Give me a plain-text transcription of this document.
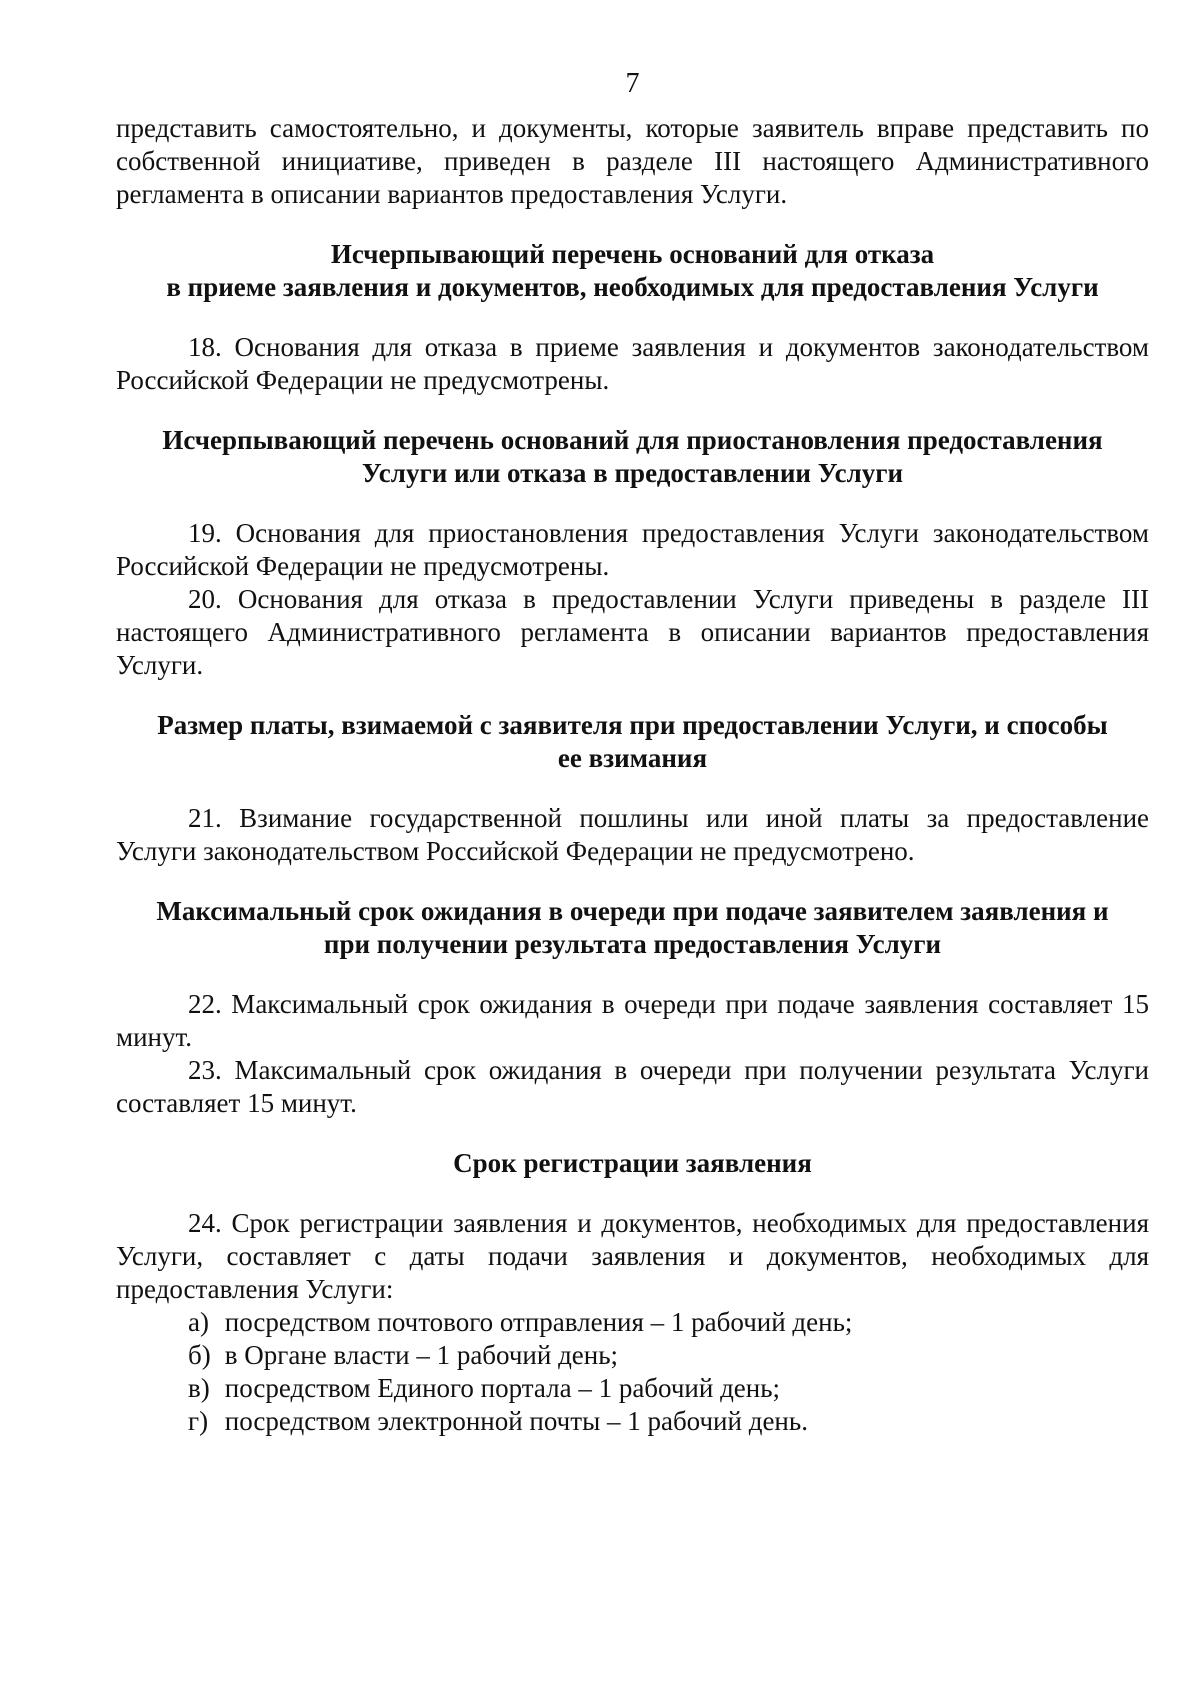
7

представить самостоятельно, и документы, которые заявитель вправе представить по собственной инициативе, приведен в разделе III настоящего Административного регламента в описании вариантов предоставления Услуги.

Исчерпывающий перечень оснований для отказа
в приеме заявления и документов, необходимых для предоставления Услуги

18. Основания для отказа в приеме заявления и документов законодательством Российской Федерации не предусмотрены.

Исчерпывающий перечень оснований для приостановления предоставления
Услуги или отказа в предоставлении Услуги

19. Основания для приостановления предоставления Услуги законодательством Российской Федерации не предусмотрены.

20. Основания для отказа в предоставлении Услуги приведены в разделе III настоящего Административного регламента в описании вариантов предоставления Услуги.

Размер платы, взимаемой с заявителя при предоставлении Услуги, и способы
ее взимания

21. Взимание государственной пошлины или иной платы за предоставление Услуги законодательством Российской Федерации не предусмотрено.

Максимальный срок ожидания в очереди при подаче заявителем заявления и
при получении результата предоставления Услуги

22. Максимальный срок ожидания в очереди при подаче заявления составляет 15 минут.

23. Максимальный срок ожидания в очереди при получении результата Услуги составляет 15 минут.

Срок регистрации заявления

24. Срок регистрации заявления и документов, необходимых для предоставления Услуги, составляет с даты подачи заявления и документов, необходимых для предоставления Услуги:

а) посредством почтового отправления – 1 рабочий день;
б) в Органе власти – 1 рабочий день;
в) посредством Единого портала – 1 рабочий день;
г) посредством электронной почты – 1 рабочий день.
